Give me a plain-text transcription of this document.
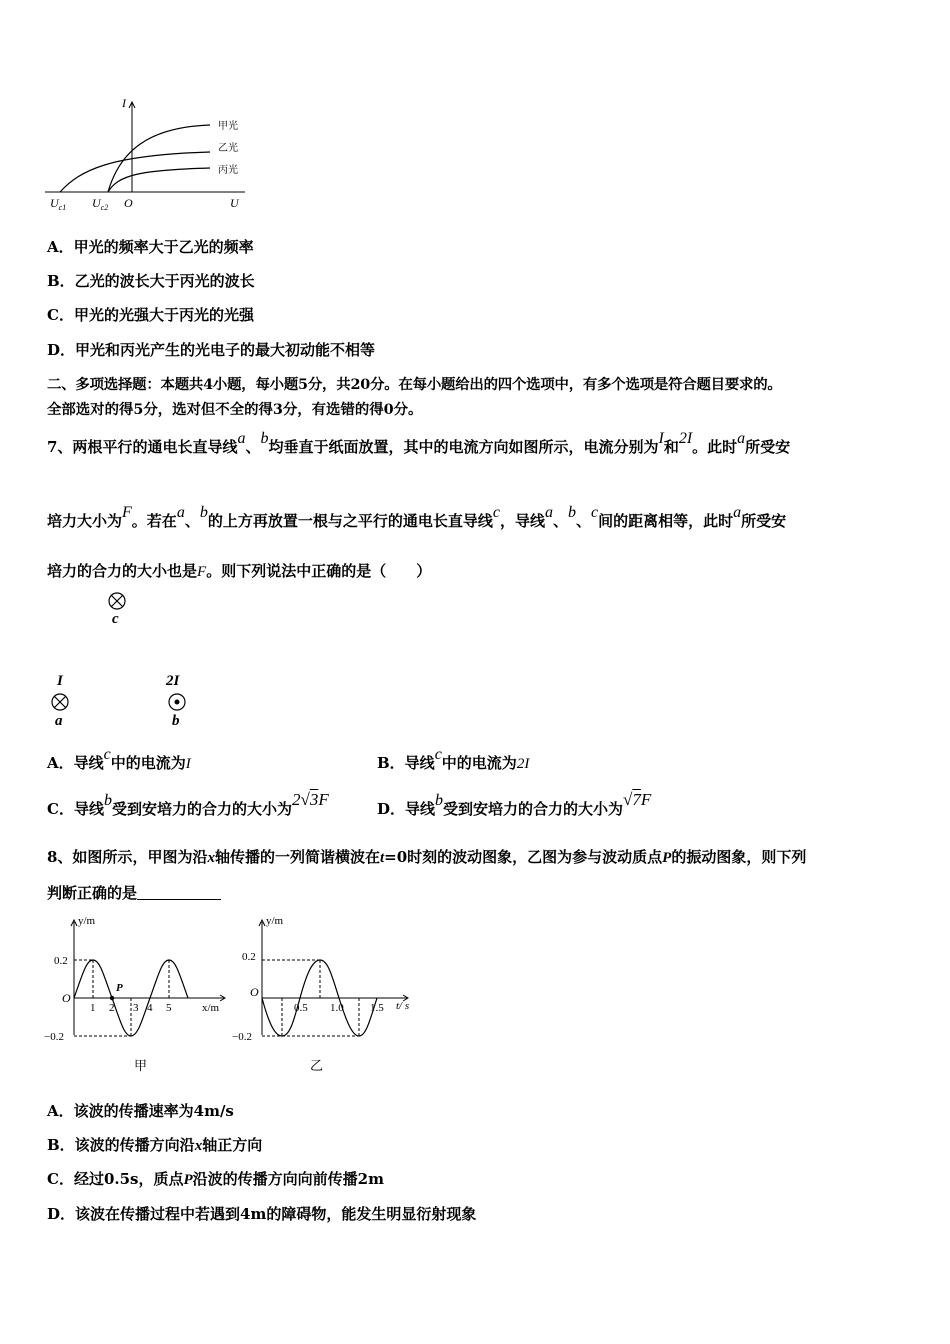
I
U
O
$U_{c1}$ $U_{c2}$
甲光
乙光
丙光
A．甲光的频率大于乙光的频率
B．乙光的波长大于丙光的波长
C．甲光的光强大于丙光的光强
D．甲光和丙光产生的光电子的最大初动能不相等
二、多项选择题：本题共4小题，每小题5分，共20分。在每小题给出的四个选项中，有多个选项是符合题目要求的。
全部选对的得5分，选对但不全的得3分，有选错的得0分。
7、两根平行的通电长直导线a、b均垂直于纸面放置，其中的电流方向如图所示，电流分别为I和2I。此时a所受安
培力大小为F。若在a、b的上方再放置一根与之平行的通电长直导线c，导线a、b、c间的距离相等，此时a所受安
培力的合力的大小也是F。则下列说法中正确的是（　　）
c
I
a
2I
b
A．导线c中的电流为I	B．导线c中的电流为2I
C．导线b受到安培力的合力的大小为2√3F	D．导线b受到安培力的合力的大小为√7F
8、如图所示，甲图为沿x轴传播的一列简谐横波在t=0时刻的波动图象，乙图为参与波动质点P的振动图象，则下列
判断正确的是
y/m
x/m
O
0.2
−0.2
1 2 3 4 5
P
甲
y/m
t/ s
O
0.2
−0.2
0.5 1.0 1.5
乙
A．该波的传播速率为4m/s
B．该波的传播方向沿x轴正方向
C．经过0.5s，质点P沿波的传播方向向前传播2m
D．该波在传播过程中若遇到4m的障碍物，能发生明显衍射现象
